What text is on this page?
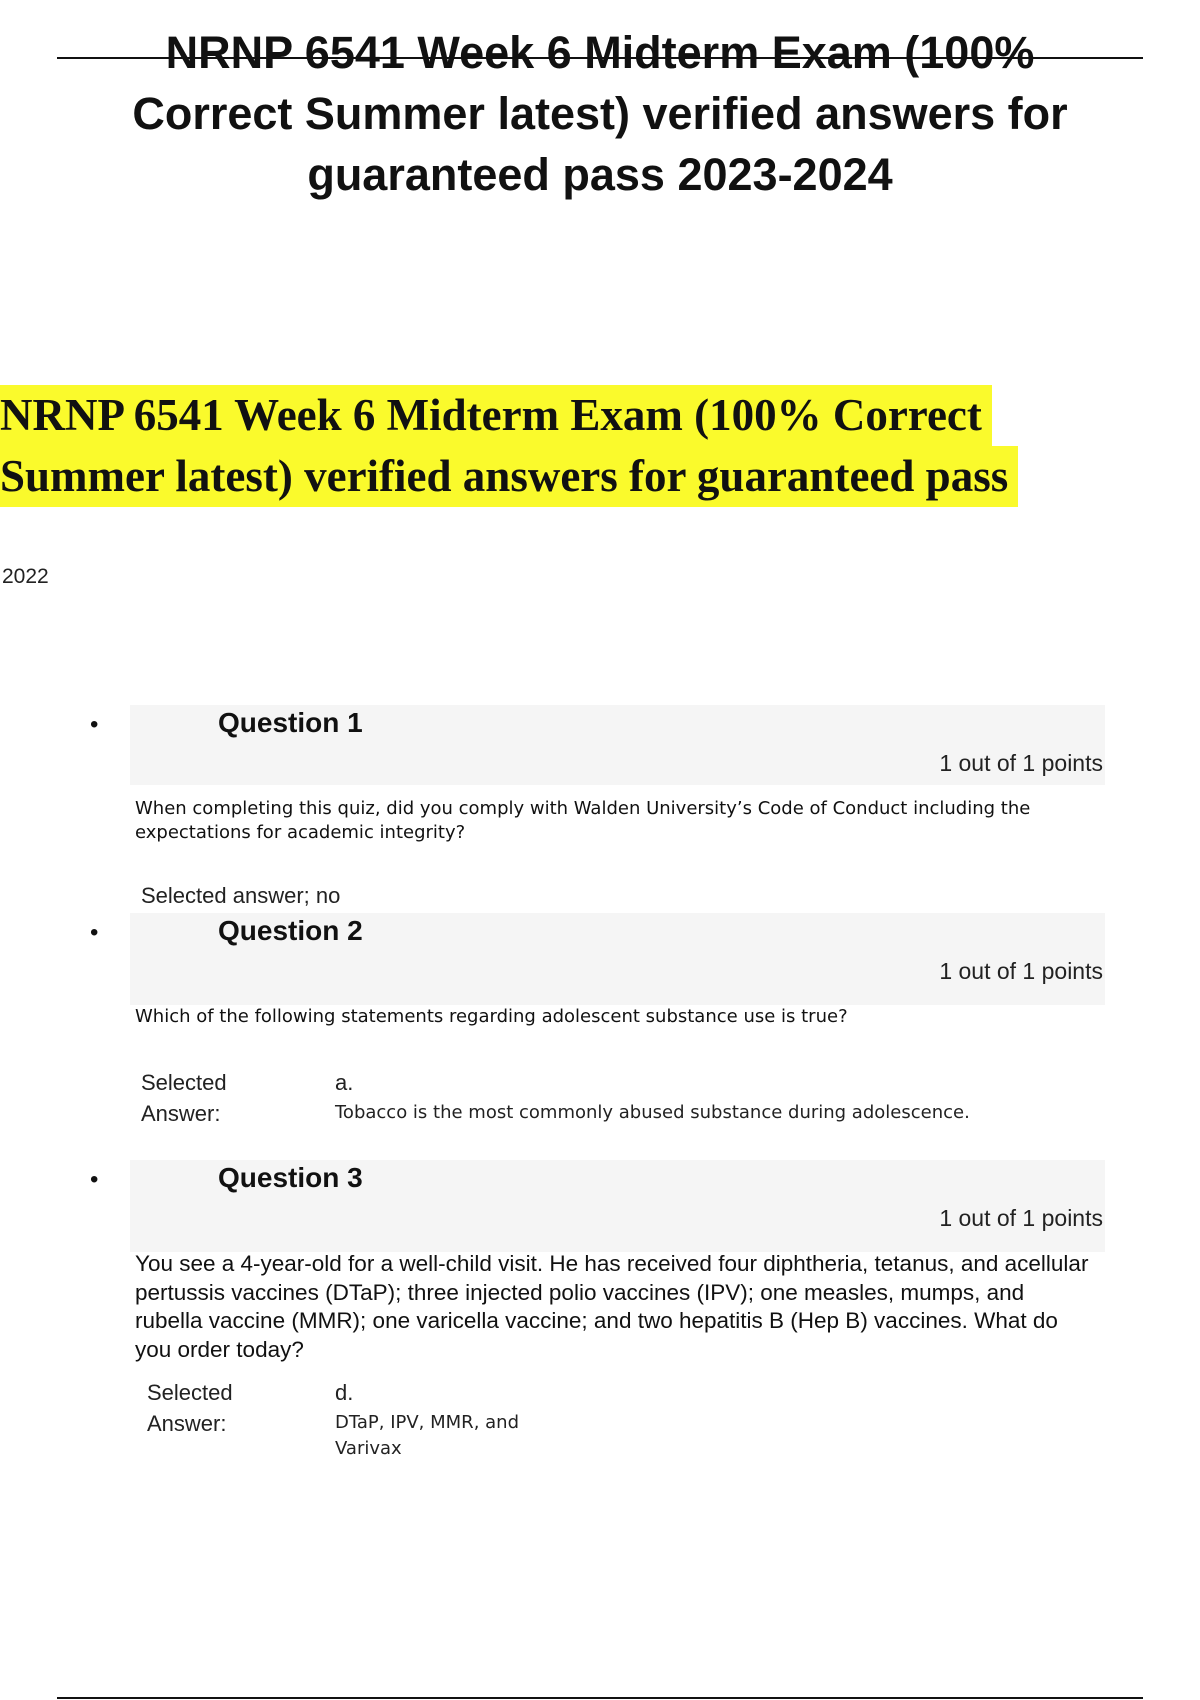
NRNP 6541 Week 6 Midterm Exam (100%
Correct Summer latest) verified answers for
guaranteed pass 2023-2024
NRNP 6541 Week 6 Midterm Exam (100% Correct
Summer latest) verified answers for guaranteed pass
2022
•	Question 1
1 out of 1 points
When completing this quiz, did you comply with Walden University’s Code of Conduct including the expectations for academic integrity?
Selected answer; no
•	Question 2
1 out of 1 points
Which of the following statements regarding adolescent substance use is true?
Selected Answer:
a.
Tobacco is the most commonly abused substance during adolescence.
•	Question 3
1 out of 1 points
You see a 4-year-old for a well-child visit. He has received four diphtheria, tetanus, and acellular pertussis vaccines (DTaP); three injected polio vaccines (IPV); one measles, mumps, and rubella vaccine (MMR); one varicella vaccine; and two hepatitis B (Hep B) vaccines. What do you order today?
Selected Answer:
d.
DTaP, IPV, MMR, and Varivax
